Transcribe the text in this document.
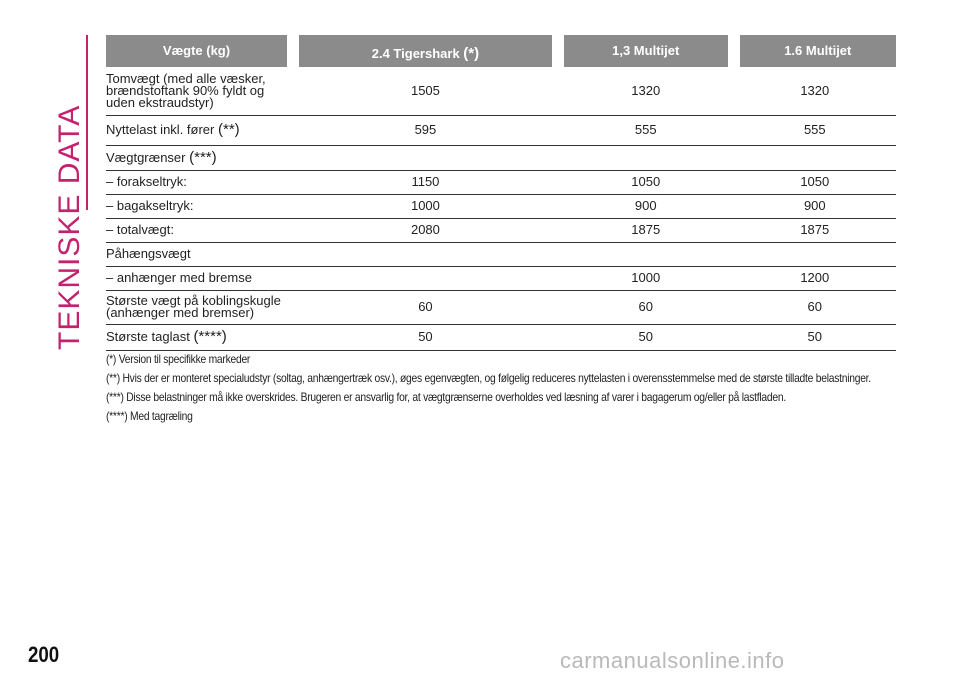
TEKNISKE DATA
Vægte (kg)	2.4 Tigershark (*)	1,3 Multijet	1.6 Multijet
Tomvægt (med alle væsker, brændstoftank 90% fyldt og uden ekstraudstyr)	1505	1320	1320
Nyttelast inkl. fører (**)	595	555	555
Vægtgrænser (***)			
– forakseltryk:	1150	1050	1050
– bagakseltryk:	1000	900	900
– totalvægt:	2080	1875	1875
Påhængsvægt			
– anhænger med bremse		1000	1200
Største vægt på koblingskugle (anhænger med bremser)	60	60	60
Største taglast (****)	50	50	50

(*) Version til specifikke markeder

(**) Hvis der er monteret specialudstyr (soltag, anhængertræk osv.), øges egenvægten, og følgelig reduceres nyttelasten i overensstemmelse med de største tilladte belastninger.

(***) Disse belastninger må ikke overskrides. Brugeren er ansvarlig for, at vægtgrænserne overholdes ved læsning af varer i bagagerum og/eller på lastfladen.

(****) Med tagræling

200	carmanualsonline.info
